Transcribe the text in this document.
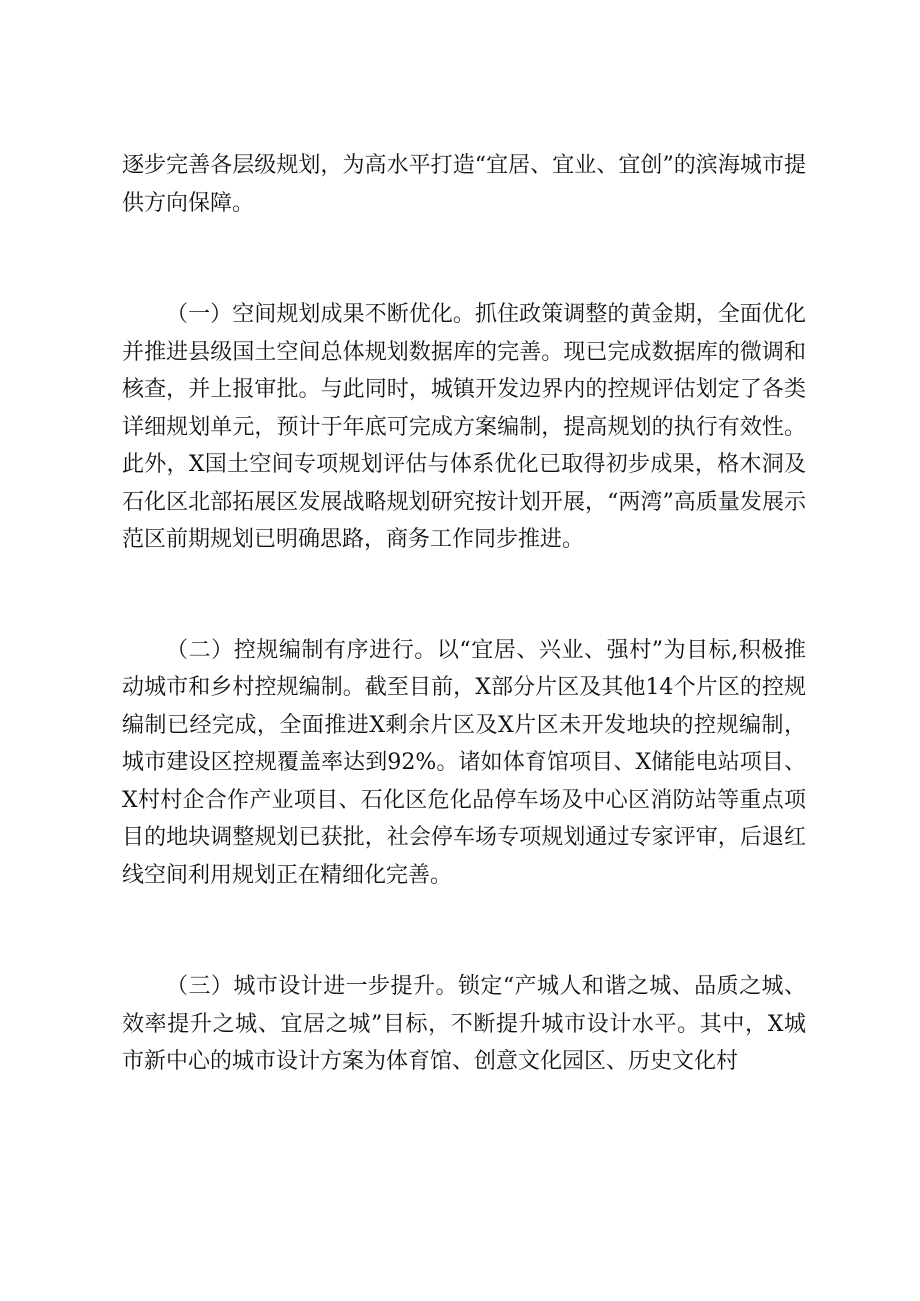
逐步完善各层级规划，为高水平打造“宜居、宜业、宜创”的滨海城市提供方向保障。

（一）空间规划成果不断优化。抓住政策调整的黄金期，全面优化并推进县级国土空间总体规划数据库的完善。现已完成数据库的微调和核查，并上报审批。与此同时，城镇开发边界内的控规评估划定了各类详细规划单元，预计于年底可完成方案编制，提高规划的执行有效性。此外，X国土空间专项规划评估与体系优化已取得初步成果，格木洞及石化区北部拓展区发展战略规划研究按计划开展，“两湾”高质量发展示范区前期规划已明确思路，商务工作同步推进。

（二）控规编制有序进行。以“宜居、兴业、强村”为目标,积极推动城市和乡村控规编制。截至目前，X部分片区及其他14个片区的控规编制已经完成，全面推进X剩余片区及X片区未开发地块的控规编制，城市建设区控规覆盖率达到92%。诸如体育馆项目、X储能电站项目、X村村企合作产业项目、石化区危化品停车场及中心区消防站等重点项目的地块调整规划已获批，社会停车场专项规划通过专家评审，后退红线空间利用规划正在精细化完善。

（三）城市设计进一步提升。锁定“产城人和谐之城、品质之城、效率提升之城、宜居之城”目标，不断提升城市设计水平。其中，X城市新中心的城市设计方案为体育馆、创意文化园区、历史文化村
